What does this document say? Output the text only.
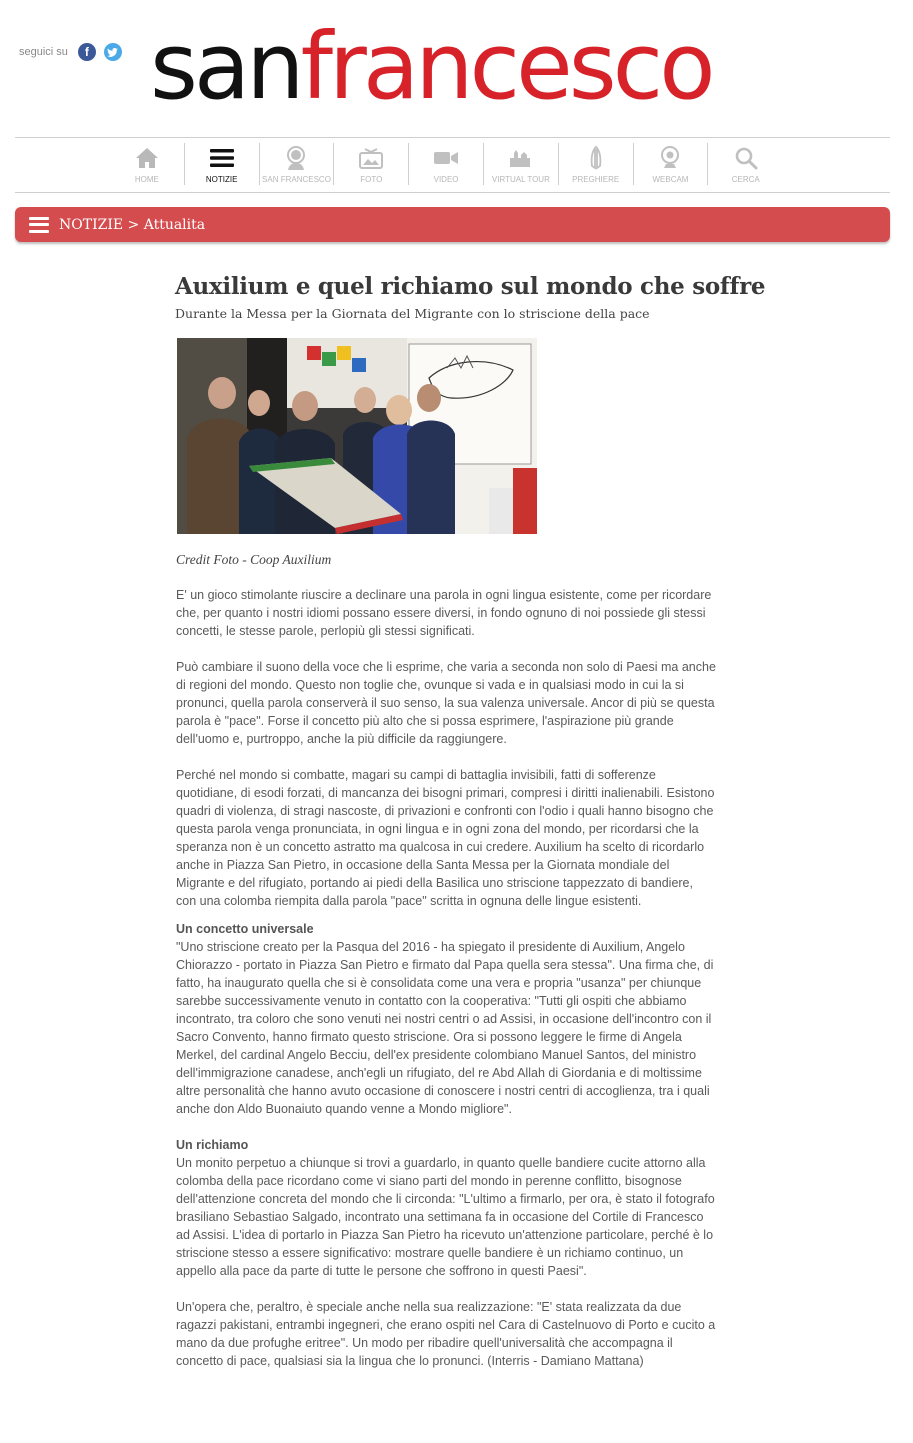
seguici su	f sanfrancesco
HOME	NOTIZIE	SAN FRANCESCO	FOTO	VIDEO	VIRTUAL TOUR	PREGHIERE	WEBCAM	CERCA
NOTIZIE > Attualita
Auxilium e quel richiamo sul mondo che soffre
Durante la Messa per la Giornata del Migrante con lo striscione della pace
Credit Foto - Coop Auxilium

E' un gioco stimolante riuscire a declinare una parola in ogni lingua esistente, come per ricordare che, per quanto i nostri idiomi possano essere diversi, in fondo ognuno di noi possiede gli stessi concetti, le stesse parole, perlopiù gli stessi significati.

Può cambiare il suono della voce che li esprime, che varia a seconda non solo di Paesi ma anche di regioni del mondo. Questo non toglie che, ovunque si vada e in qualsiasi modo in cui la si pronunci, quella parola conserverà il suo senso, la sua valenza universale. Ancor di più se questa parola è "pace". Forse il concetto più alto che si possa esprimere, l'aspirazione più grande dell'uomo e, purtroppo, anche la più difficile da raggiungere.

Perché nel mondo si combatte, magari su campi di battaglia invisibili, fatti di sofferenze quotidiane, di esodi forzati, di mancanza dei bisogni primari, compresi i diritti inalienabili. Esistono quadri di violenza, di stragi nascoste, di privazioni e confronti con l'odio i quali hanno bisogno che questa parola venga pronunciata, in ogni lingua e in ogni zona del mondo, per ricordarsi che la speranza non è un concetto astratto ma qualcosa in cui credere. Auxilium ha scelto di ricordarlo anche in Piazza San Pietro, in occasione della Santa Messa per la Giornata mondiale del Migrante e del rifugiato, portando ai piedi della Basilica uno striscione tappezzato di bandiere, con una colomba riempita dalla parola "pace" scritta in ognuna delle lingue esistenti.

Un concetto universale

"Uno striscione creato per la Pasqua del 2016 - ha spiegato il presidente di Auxilium, Angelo Chiorazzo - portato in Piazza San Pietro e firmato dal Papa quella sera stessa". Una firma che, di fatto, ha inaugurato quella che si è consolidata come una vera e propria "usanza" per chiunque sarebbe successivamente venuto in contatto con la cooperativa: "Tutti gli ospiti che abbiamo incontrato, tra coloro che sono venuti nei nostri centri o ad Assisi, in occasione dell'incontro con il Sacro Convento, hanno firmato questo striscione. Ora si possono leggere le firme di Angela Merkel, del cardinal Angelo Becciu, dell'ex presidente colombiano Manuel Santos, del ministro dell'immigrazione canadese, anch'egli un rifugiato, del re Abd Allah di Giordania e di moltissime altre personalità che hanno avuto occasione di conoscere i nostri centri di accoglienza, tra i quali anche don Aldo Buonaiuto quando venne a Mondo migliore".

Un richiamo

Un monito perpetuo a chiunque si trovi a guardarlo, in quanto quelle bandiere cucite attorno alla colomba della pace ricordano come vi siano parti del mondo in perenne conflitto, bisognose dell'attenzione concreta del mondo che li circonda: "L'ultimo a firmarlo, per ora, è stato il fotografo brasiliano Sebastiao Salgado, incontrato una settimana fa in occasione del Cortile di Francesco ad Assisi. L'idea di portarlo in Piazza San Pietro ha ricevuto un'attenzione particolare, perché è lo striscione stesso a essere significativo: mostrare quelle bandiere è un richiamo continuo, un appello alla pace da parte di tutte le persone che soffrono in questi Paesi".

Un'opera che, peraltro, è speciale anche nella sua realizzazione: "E' stata realizzata da due ragazzi pakistani, entrambi ingegneri, che erano ospiti nel Cara di Castelnuovo di Porto e cucito a mano da due profughe eritree". Un modo per ribadire quell'universalità che accompagna il concetto di pace, qualsiasi sia la lingua che lo pronunci. (Interris - Damiano Mattana)
